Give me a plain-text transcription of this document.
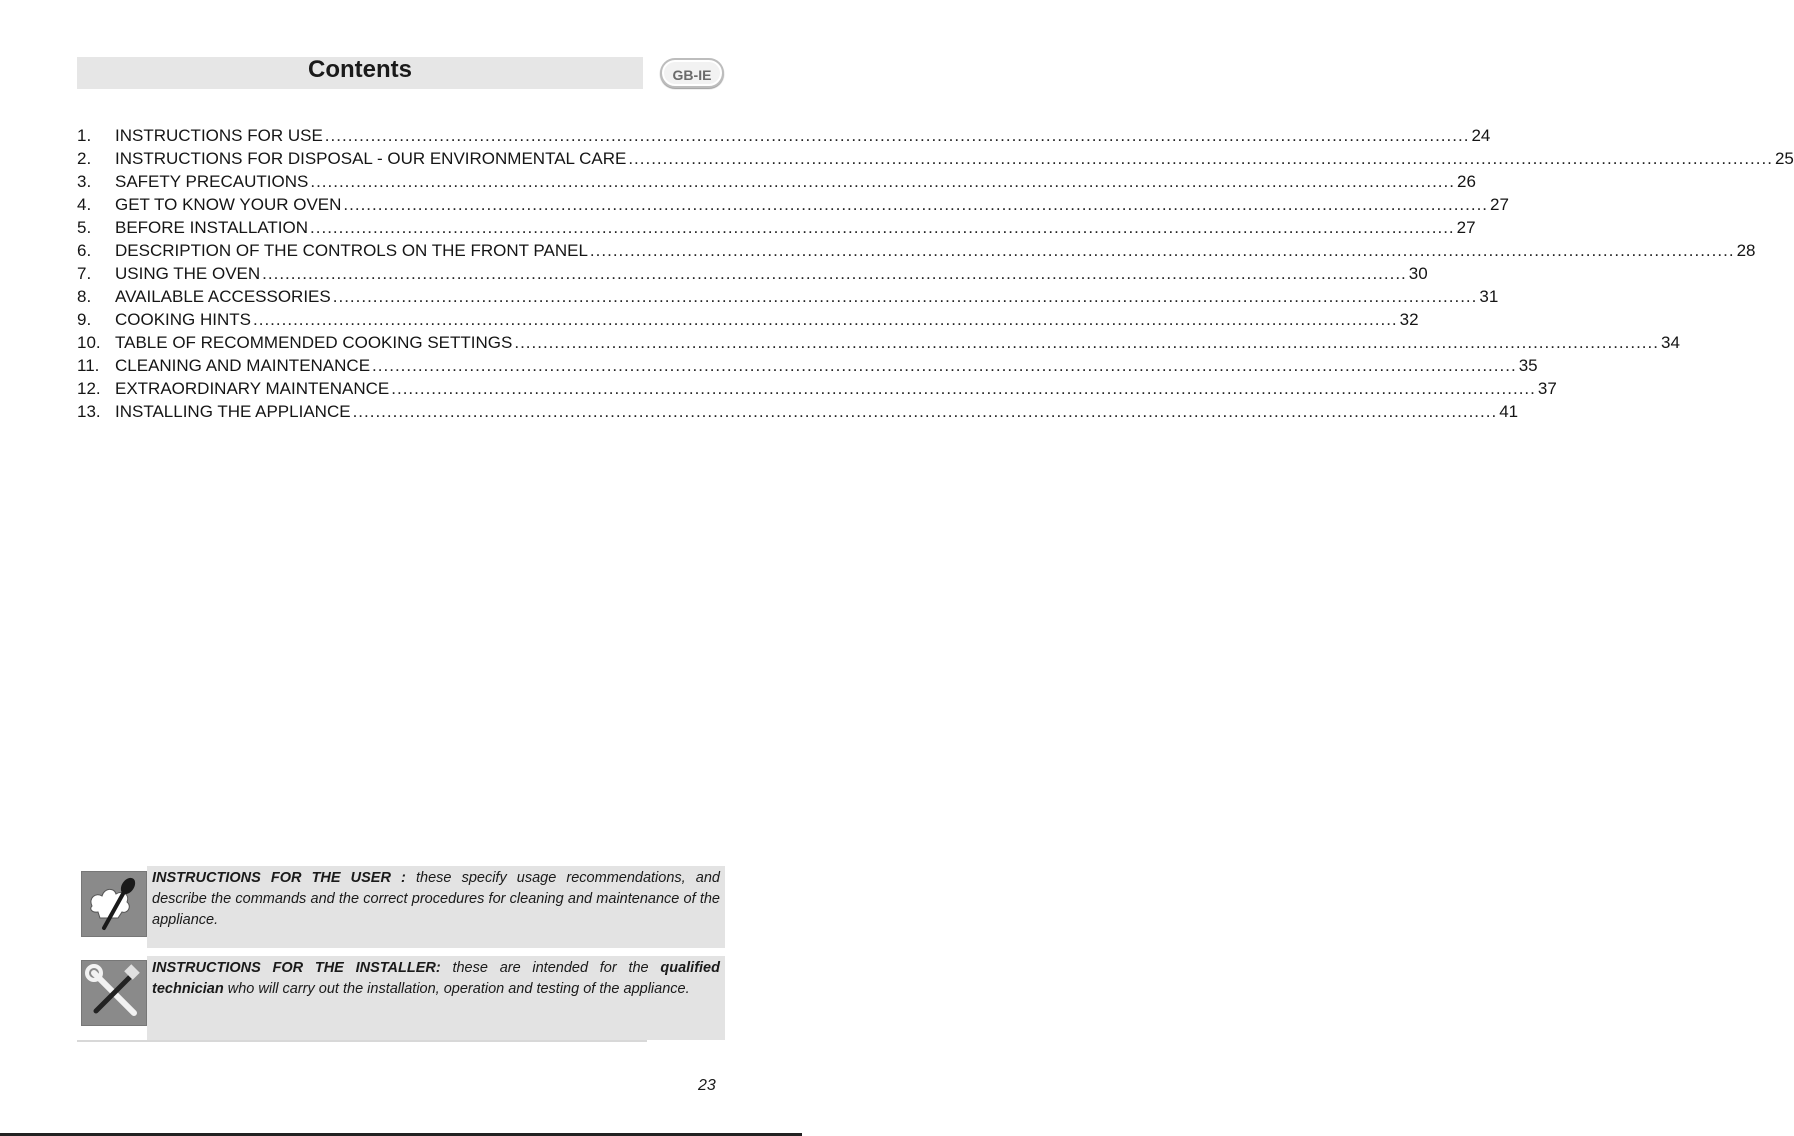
Contents	GB-IE
1.	INSTRUCTIONS FOR USE ........................................................................................................................................................................................................ 24
2.	INSTRUCTIONS FOR DISPOSAL - OUR ENVIRONMENTAL CARE ........................................................................................................................................................................................................ 25
3.	SAFETY PRECAUTIONS ........................................................................................................................................................................................................ 26
4.	GET TO KNOW YOUR OVEN ........................................................................................................................................................................................................ 27
5.	BEFORE INSTALLATION ........................................................................................................................................................................................................ 27
6.	DESCRIPTION OF THE CONTROLS ON THE FRONT PANEL ........................................................................................................................................................................................................ 28
7.	USING THE OVEN ........................................................................................................................................................................................................ 30
8.	AVAILABLE ACCESSORIES ........................................................................................................................................................................................................ 31
9.	COOKING HINTS ........................................................................................................................................................................................................ 32
10. TABLE OF RECOMMENDED COOKING SETTINGS ........................................................................................................................................................................................................ 34
11. CLEANING AND MAINTENANCE ........................................................................................................................................................................................................ 35
12. EXTRAORDINARY MAINTENANCE ........................................................................................................................................................................................................ 37
13. INSTALLING THE APPLIANCE ........................................................................................................................................................................................................ 41
INSTRUCTIONS FOR THE USER : these specify usage recommendations, and describe the commands and the correct procedures for cleaning and maintenance of the appliance.
INSTRUCTIONS FOR THE INSTALLER: these are intended for the qualified technician who will carry out the installation, operation and testing of the appliance.
23
